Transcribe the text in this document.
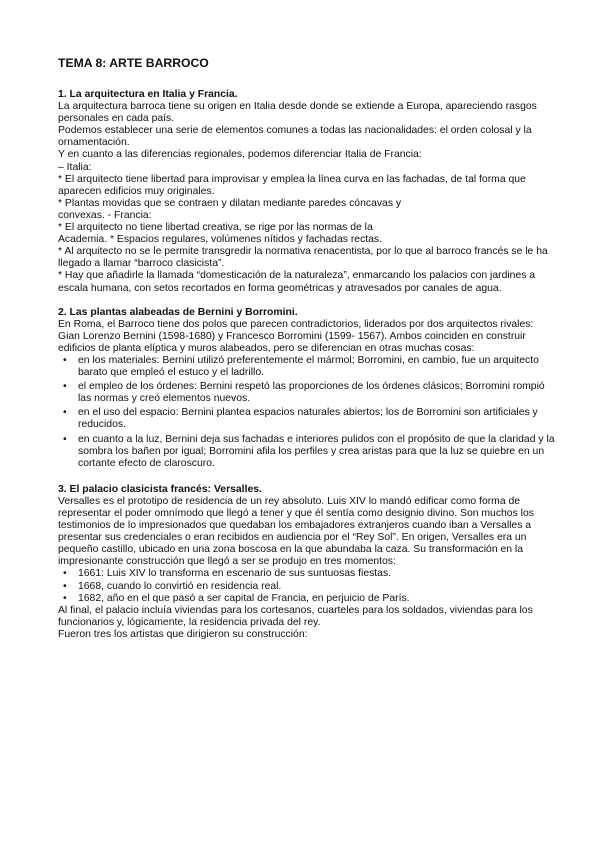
TEMA 8: ARTE BARROCO
1. La arquitectura en Italia y Francia.
La arquitectura barroca tiene su origen en Italia desde donde se extiende a Europa, apareciendo rasgos personales en cada país.
Podemos establecer una serie de elementos comunes a todas las nacionalidades: el orden colosal y la ornamentación.
Y en cuanto a las diferencias regionales, podemos diferenciar Italia de Francia:
– Italia:
* El arquitecto tiene libertad para improvisar y emplea la línea curva en las fachadas, de tal forma que aparecen edificios muy originales.
* Plantas movidas que se contraen y dilatan mediante paredes cóncavas y
convexas. - Francia:
* El arquitecto no tiene libertad creativa, se rige por las normas de la
Academia. * Espacios regulares, volúmenes nítidos y fachadas rectas.
* Al arquitecto no se le permite transgredir la normativa renacentista, por lo que al barroco francés se le ha llegado a llamar “barroco clasicista”.
* Hay que añadirle la llamada “domesticación de la naturaleza”, enmarcando los palacios con jardines a escala humana, con setos recortados en forma geométricas y atravesados por canales de agua.
2. Las plantas alabeadas de Bernini y Borromini.
En Roma, el Barroco tiene dos polos que parecen contradictorios, liderados por dos arquitectos rivales: Gian Lorenzo Bernini (1598-1680) y Francesco Borromini (1599- 1567). Ambos coinciden en construir edificios de planta elíptica y muros alabeados, pero se diferencian en otras muchas cosas:
• en los materiales: Bernini utilizó preferentemente el mármol; Borromini, en cambio, fue un arquitecto barato que empleó el estuco y el ladrillo.
• el empleo de los órdenes: Bernini respetó las proporciones de los órdenes clásicos; Borromini rompió las normas y creó elementos nuevos.
• en el uso del espacio: Bernini plantea espacios naturales abiertos; los de Borromini son artificiales y reducidos.
• en cuanto a la luz, Bernini deja sus fachadas e interiores pulidos con el propósito de que la claridad y la sombra los bañen por igual; Borromini afila los perfiles y crea aristas para que la luz se quiebre en un cortante efecto de claroscuro.
3. El palacio clasicista francés: Versalles.
Versalles es el prototipo de residencia de un rey absoluto. Luis XIV lo mandó edificar como forma de representar el poder omnímodo que llegó a tener y que él sentía como designio divino. Son muchos los testimonios de lo impresionados que quedaban los embajadores extranjeros cuando iban a Versalles a presentar sus credenciales o eran recibidos en audiencia por el “Rey Sol”. En origen, Versalles era un pequeño castillo, ubicado en una zona boscosa en la que abundaba la caza. Su transformación en la impresionante construcción que llegó a ser se produjo en tres momentos:
• 1661: Luis XIV lo transforma en escenario de sus suntuosas fiestas.
• 1668, cuando lo convirtió en residencia real.
• 1682, año en el que pasó a ser capital de Francia, en perjuicio de París.
Al final, el palacio incluía viviendas para los cortesanos, cuarteles para los soldados, viviendas para los funcionarios y, lógicamente, la residencia privada del rey.
Fueron tres los artistas que dirigieron su construcción:
